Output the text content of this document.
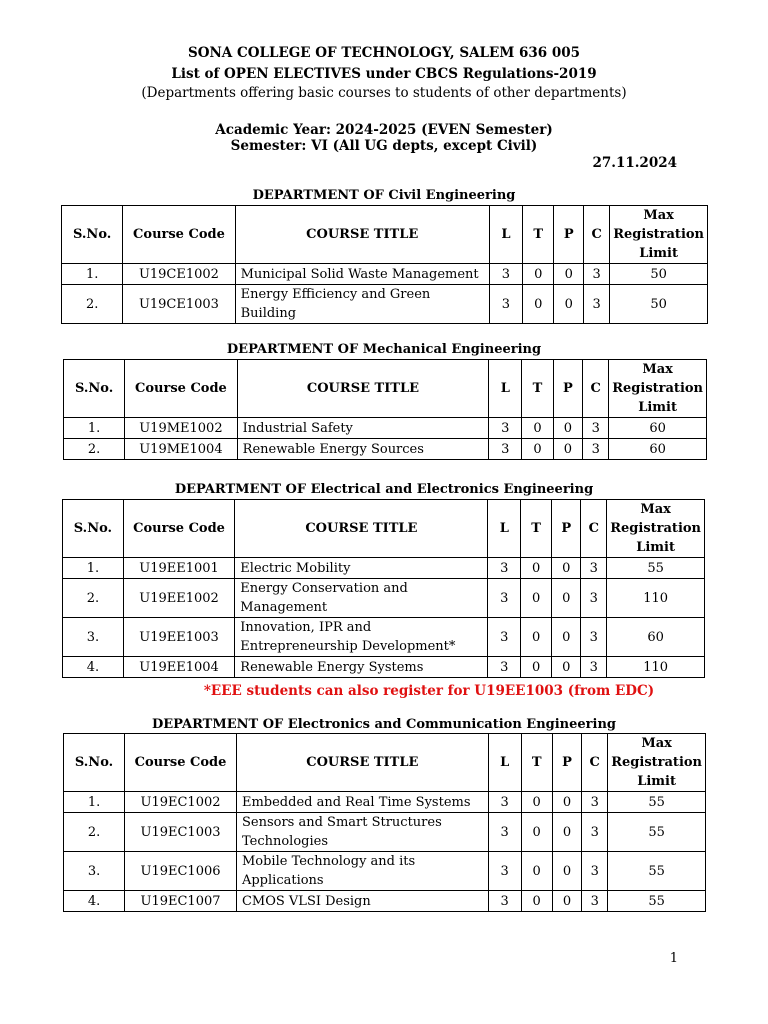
SONA COLLEGE OF TECHNOLOGY, SALEM 636 005
List of OPEN ELECTIVES under CBCS Regulations-2019
(Departments offering basic courses to students of other departments)
Academic Year: 2024-2025 (EVEN Semester)
Semester: VI (All UG depts, except Civil)
27.11.2024
DEPARTMENT OF Civil Engineering
S.No.	Course Code	COURSE TITLE	L	T	P	C	Max
Registration
Limit

1.	U19CE1002	Municipal Solid Waste Management	3	0	0	3	50
2.	U19CE1003	Energy Efficiency and Green Building	3	0	0	3	50
DEPARTMENT OF Mechanical Engineering
S.No.	Course Code	COURSE TITLE	L	T	P	C	Max
Registration
Limit

1.	U19ME1002	Industrial Safety	3	0	0	3	60
2.	U19ME1004	Renewable Energy Sources	3	0	0	3	60
DEPARTMENT OF Electrical and Electronics Engineering
S.No.	Course Code	COURSE TITLE	L	T	P	C	Max
Registration
Limit

1.	U19EE1001	Electric Mobility	3	0	0	3	55
2.	U19EE1002	Energy Conservation and
Management	3	0	0	3	110
3.	U19EE1003	Innovation, IPR and
Entrepreneurship Development*	3	0	0	3	60
4.	U19EE1004	Renewable Energy Systems	3	0	0	3	110
*EEE students can also register for U19EE1003 (from EDC)
DEPARTMENT OF Electronics and Communication Engineering
S.No.	Course Code	COURSE TITLE	L	T	P	C	Max
Registration
Limit

1.	U19EC1002	Embedded and Real Time Systems	3	0	0	3	55
2.	U19EC1003	Sensors and Smart Structures
Technologies	3	0	0	3	55
3.	U19EC1006	Mobile Technology and its
Applications	3	0	0	3	55
4.	U19EC1007	CMOS VLSI Design	3	0	0	3	55
1
